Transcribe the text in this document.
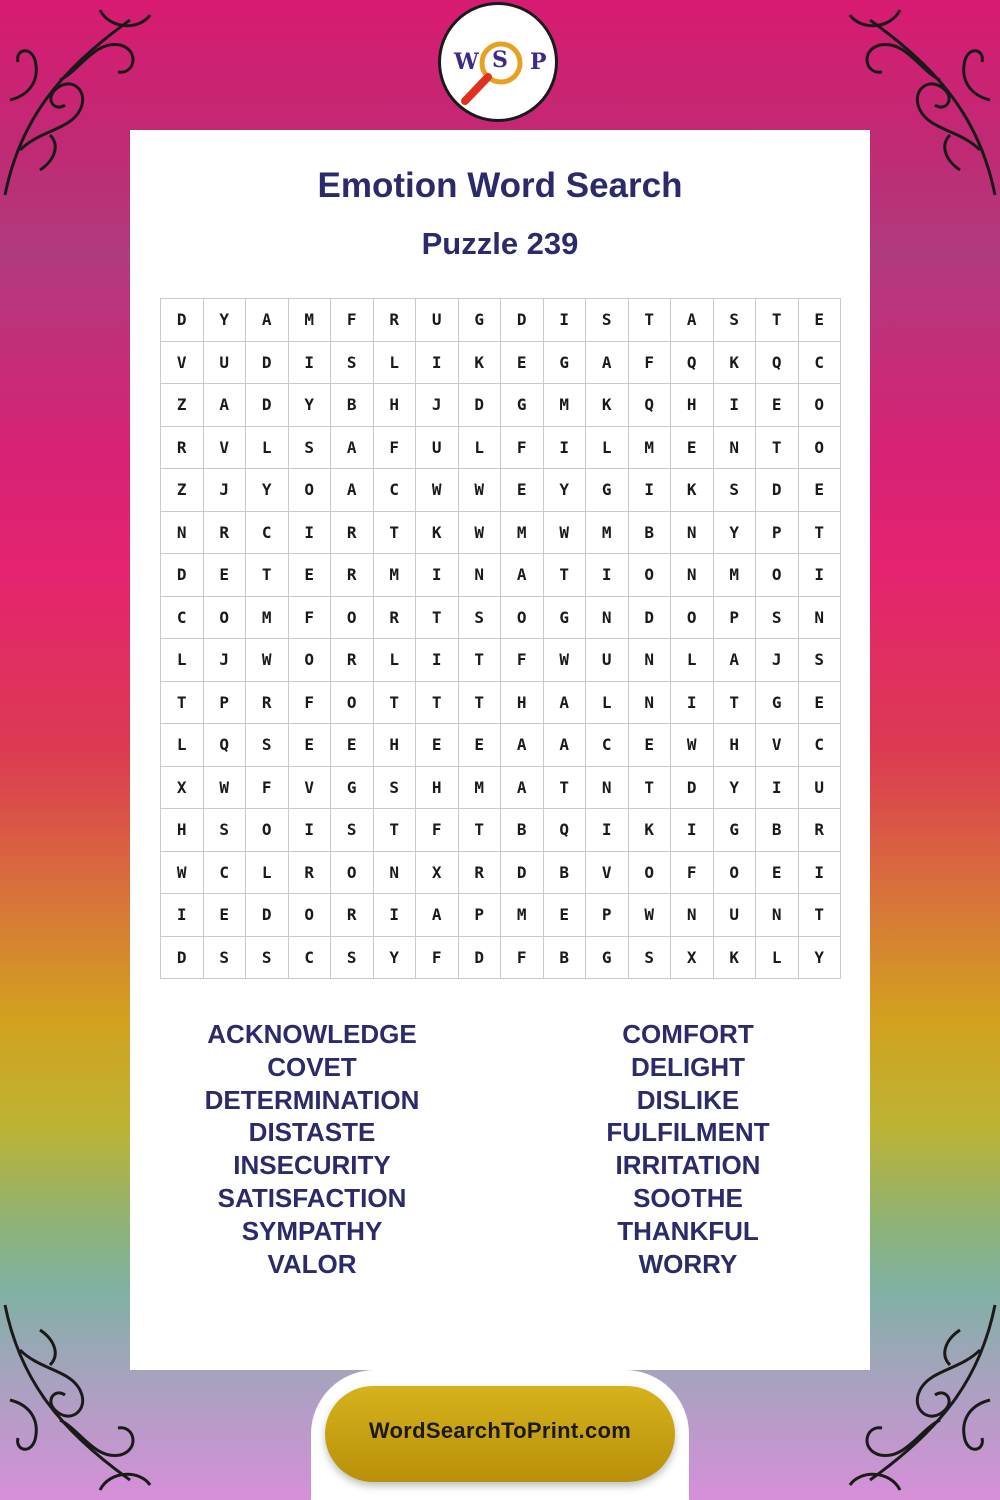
W S P
Emotion Word Search
Puzzle 239
D	Y	A	M	F	R	U	G	D	I	S	T	A	S	T	E
V	U	D	I	S	L	I	K	E	G	A	F	Q	K	Q	C
Z	A	D	Y	B	H	J	D	G	M	K	Q	H	I	E	O
R	V	L	S	A	F	U	L	F	I	L	M	E	N	T	O
Z	J	Y	O	A	C	W	W	E	Y	G	I	K	S	D	E
N	R	C	I	R	T	K	W	M	W	M	B	N	Y	P	T
D	E	T	E	R	M	I	N	A	T	I	O	N	M	O	I
C	O	M	F	O	R	T	S	O	G	N	D	O	P	S	N
L	J	W	O	R	L	I	T	F	W	U	N	L	A	J	S
T	P	R	F	O	T	T	T	H	A	L	N	I	T	G	E
L	Q	S	E	E	H	E	E	A	A	C	E	W	H	V	C
X	W	F	V	G	S	H	M	A	T	N	T	D	Y	I	U
H	S	O	I	S	T	F	T	B	Q	I	K	I	G	B	R
W	C	L	R	O	N	X	R	D	B	V	O	F	O	E	I
I	E	D	O	R	I	A	P	M	E	P	W	N	U	N	T
D	S	S	C	S	Y	F	D	F	B	G	S	X	K	L	Y
ACKNOWLEDGE
COVET
DETERMINATION
DISTASTE
INSECURITY
SATISFACTION
SYMPATHY
VALOR
COMFORT
DELIGHT
DISLIKE
FULFILMENT
IRRITATION
SOOTHE
THANKFUL
WORRY
WordSearchToPrint.com
